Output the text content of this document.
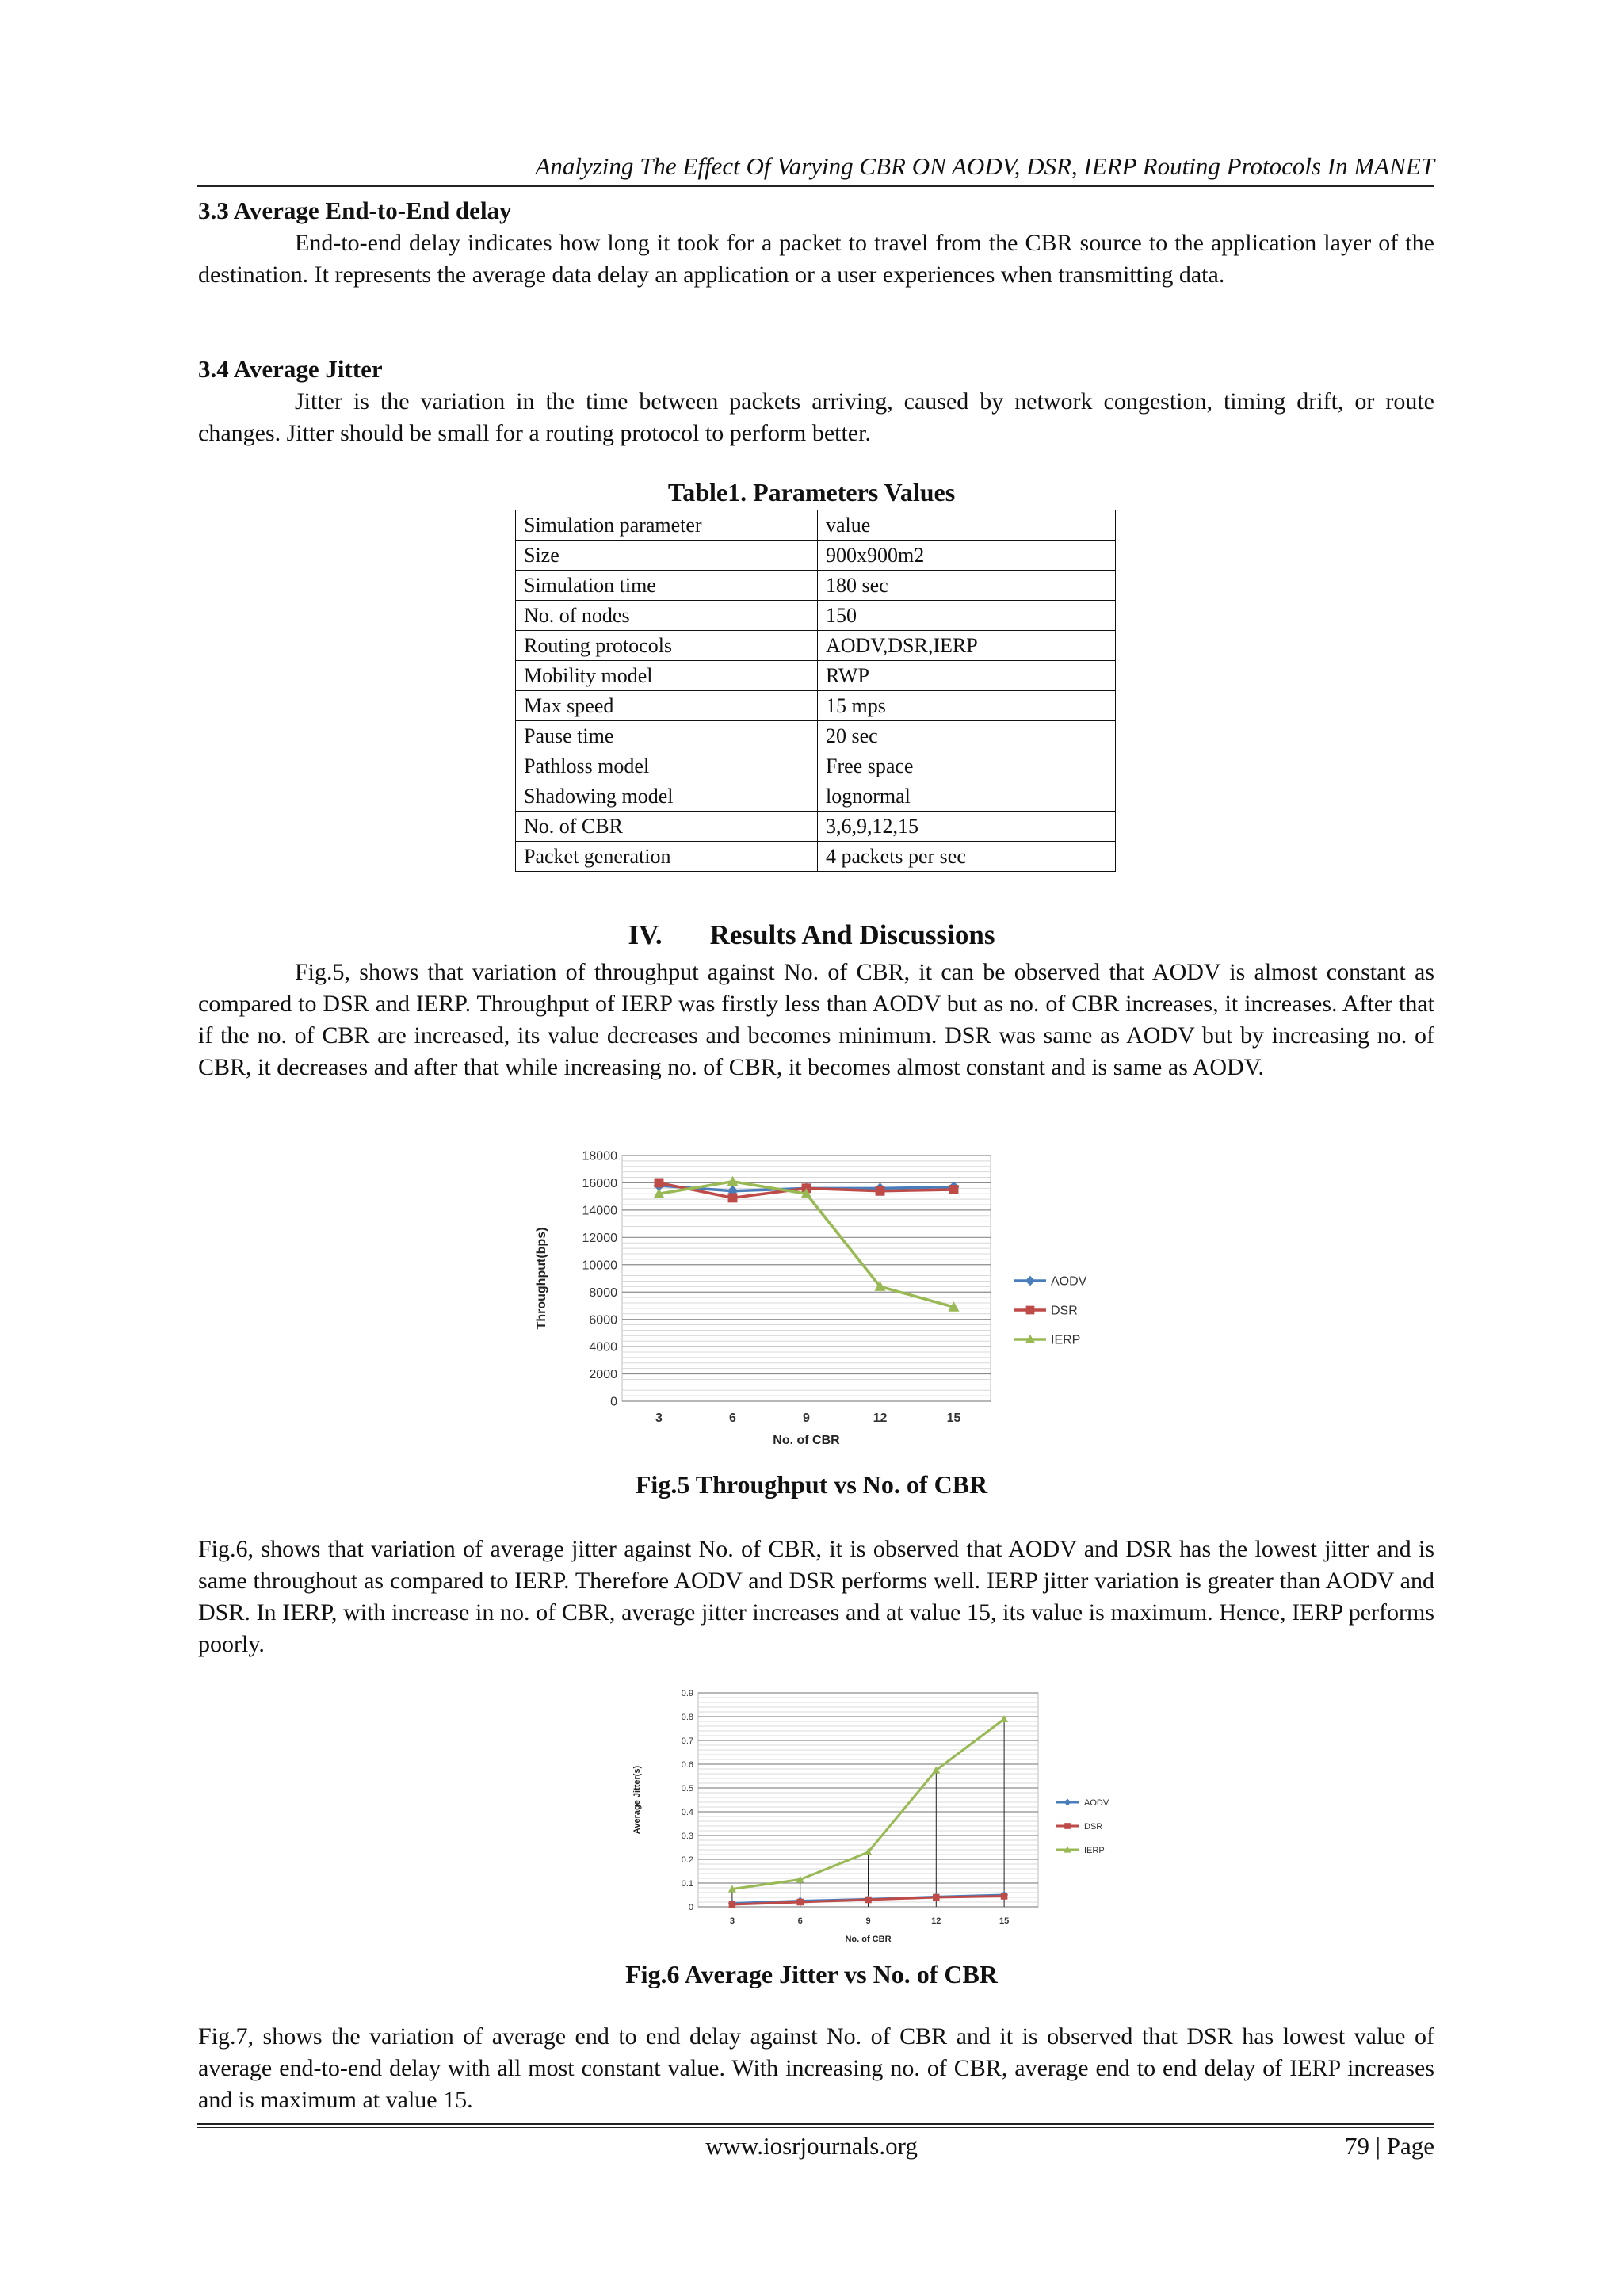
Analyzing The Effect Of Varying CBR ON AODV, DSR, IERP Routing Protocols In MANET
3.3 Average End-to-End delay
End-to-end delay indicates how long it took for a packet to travel from the CBR source to the application layer of the destination. It represents the average data delay an application or a user experiences when transmitting data.
3.4 Average Jitter
Jitter is the variation in the time between packets arriving, caused by network congestion, timing drift, or route changes. Jitter should be small for a routing protocol to perform better.
Table1. Parameters Values
Simulation parameter	value
Size	900x900m2
Simulation time	180 sec
No. of nodes	150
Routing protocols	AODV,DSR,IERP
Mobility model	RWP
Max speed	15 mps
Pause time	20 sec
Pathloss model	Free space
Shadowing model	lognormal
No. of CBR	3,6,9,12,15
Packet generation	4 packets per sec
IV. Results And Discussions
Fig.5, shows that variation of throughput against No. of CBR, it can be observed that AODV is almost constant as compared to DSR and IERP. Throughput of IERP was firstly less than AODV but as no. of CBR increases, it increases. After that if the no. of CBR are increased, its value decreases and becomes minimum. DSR was same as AODV but by increasing no. of CBR, it decreases and after that while increasing no. of CBR, it becomes almost constant and is same as AODV.
0
2000
4000
6000
8000
10000
12000
14000
16000
18000
3	6	9	12	15
No. of CBR
Throughput(bps)	AODV
DSR
IERP
Fig.5 Throughput vs No. of CBR
Fig.6, shows that variation of average jitter against No. of CBR, it is observed that AODV and DSR has the lowest jitter and is same throughout as compared to IERP. Therefore AODV and DSR performs well. IERP jitter variation is greater than AODV and DSR. In IERP, with increase in no. of CBR, average jitter increases and at value 15, its value is maximum. Hence, IERP performs poorly.
0
0.1
0.2
0.3
0.4
0.5
0.6
0.7
0.8
0.9
3	6	9	12	15
No. of CBR
Average Jitter(s)	AODV
DSR
IERP
Fig.6 Average Jitter vs No. of CBR
Fig.7, shows the variation of average end to end delay against No. of CBR and it is observed that DSR has lowest value of average end-to-end delay with all most constant value. With increasing no. of CBR, average end to end delay of IERP increases and is maximum at value 15.
www.iosrjournals.org	79 | Page
